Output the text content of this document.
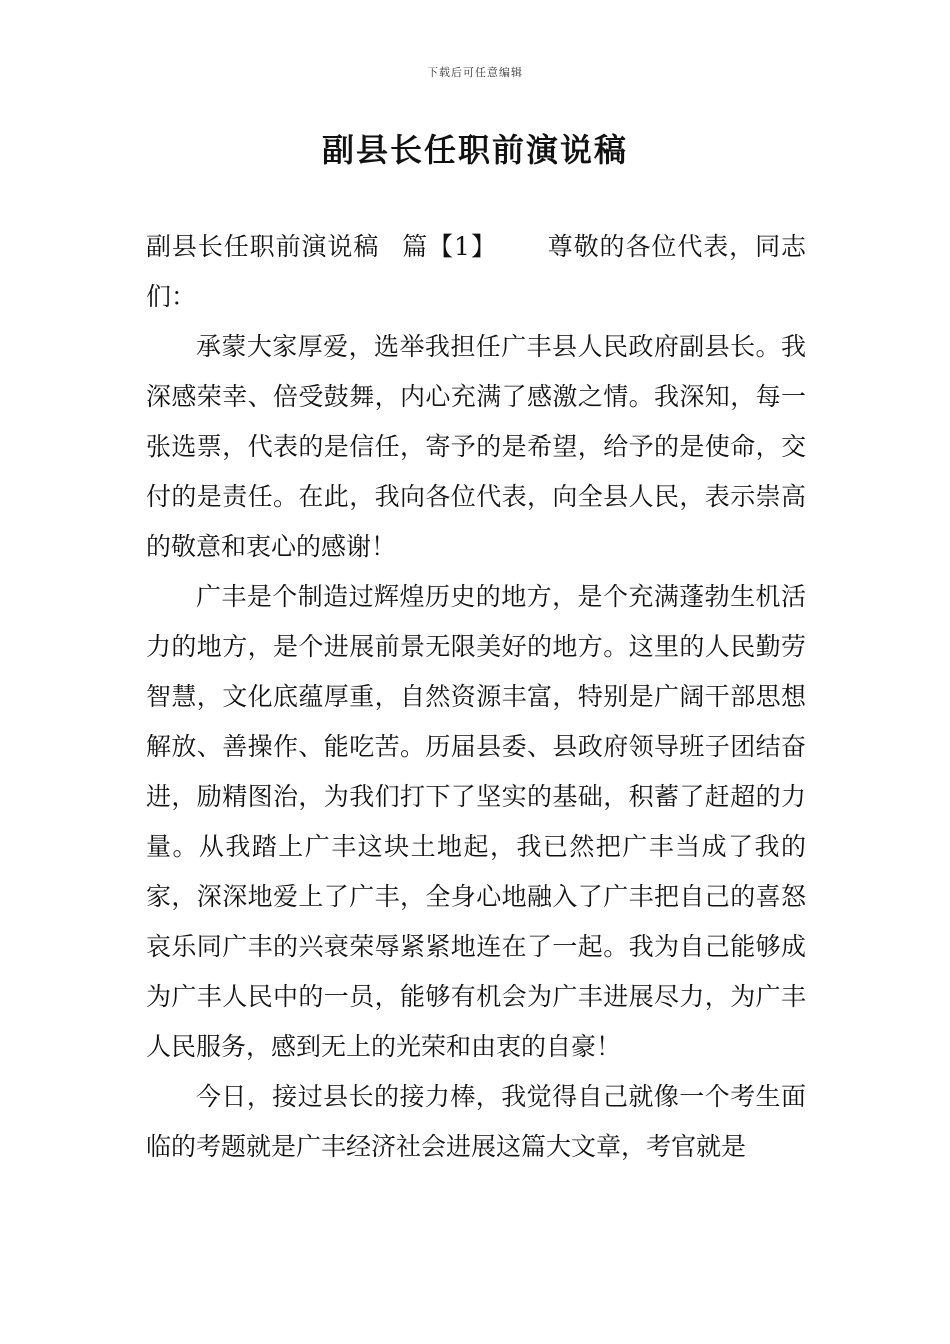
下载后可任意编辑
副县长任职前演说稿

副县长任职前演说稿 篇【1】 尊敬的各位代表，同志们：

承蒙大家厚爱，选举我担任广丰县人民政府副县长。我深感荣幸、倍受鼓舞，内心充满了感激之情。我深知，每一张选票，代表的是信任，寄予的是希望，给予的是使命，交付的是责任。在此，我向各位代表，向全县人民，表示崇高的敬意和衷心的感谢！

广丰是个制造过辉煌历史的地方，是个充满蓬勃生机活力的地方，是个进展前景无限美好的地方。这里的人民勤劳智慧，文化底蕴厚重，自然资源丰富，特别是广阔干部思想解放、善操作、能吃苦。历届县委、县政府领导班子团结奋进，励精图治，为我们打下了坚实的基础，积蓄了赶超的力量。从我踏上广丰这块土地起，我已然把广丰当成了我的家，深深地爱上了广丰，全身心地融入了广丰把自己的喜怒哀乐同广丰的兴衰荣辱紧紧地连在了一起。我为自己能够成为广丰人民中的一员，能够有机会为广丰进展尽力，为广丰人民服务，感到无上的光荣和由衷的自豪！

今日，接过县长的接力棒，我觉得自己就像一个考生面临的考题就是广丰经济社会进展这篇大文章，考官就是
